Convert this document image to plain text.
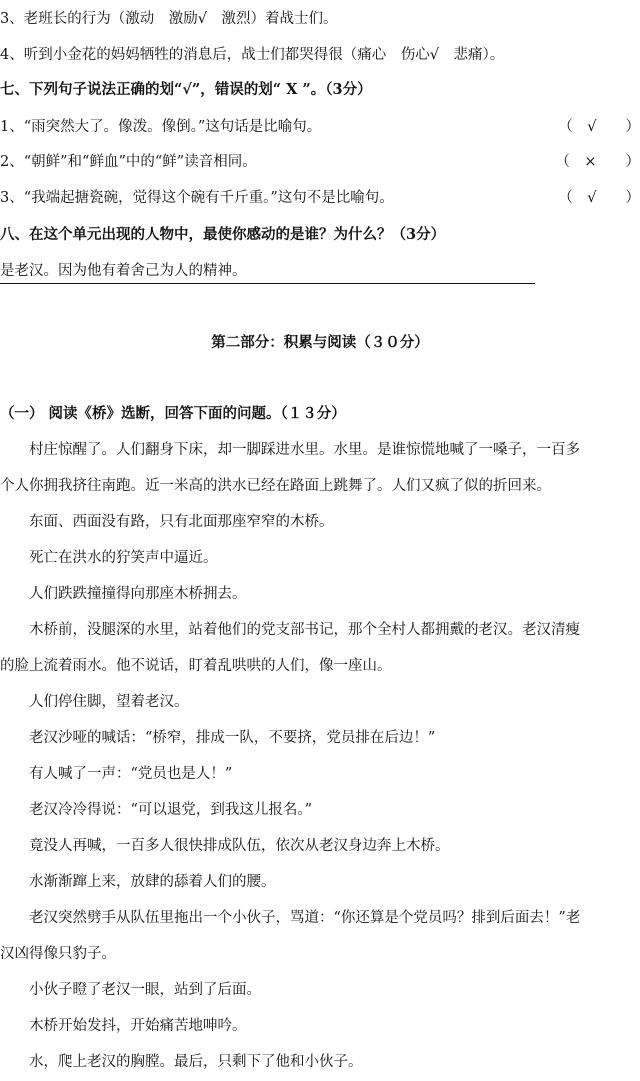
3、老班长的行为（激动　激励√　激烈）着战士们。
4、听到小金花的妈妈牺牲的消息后，战士们都哭得很（痛心　伤心√　悲痛）。
七、下列句子说法正确的划“√”，错误的划“ X ”。（3分）
1、“雨突然大了。像泼。像倒。”这句话是比喻句。	（　√　　）
2、“朝鲜”和“鲜血”中的“鲜”读音相同。	（　×　　）
3、“我端起搪瓷碗，觉得这个碗有千斤重。”这句不是比喻句。	（　√　　）
八、在这个单元出现的人物中，最使你感动的是谁？为什么？（3分）
是老汉。因为他有着舍己为人的精神。
第二部分：积累与阅读（３０分）
（一） 阅读《桥》选断，回答下面的问题。（１３分）
　　村庄惊醒了。人们翻身下床，却一脚踩进水里。水里。是谁惊慌地喊了一嗓子，一百多
个人你拥我挤往南跑。近一米高的洪水已经在路面上跳舞了。人们又疯了似的折回来。
　　东面、西面没有路，只有北面那座窄窄的木桥。
　　死亡在洪水的狞笑声中逼近。
　　人们跌跌撞撞得向那座木桥拥去。
　　木桥前，没腿深的水里，站着他们的党支部书记，那个全村人都拥戴的老汉。老汉清瘦
的脸上流着雨水。他不说话，盯着乱哄哄的人们，像一座山。
　　人们停住脚，望着老汉。
　　老汉沙哑的喊话：“桥窄，排成一队，不要挤，党员排在后边！”
　　有人喊了一声：“党员也是人！”
　　老汉冷冷得说：“可以退党，到我这儿报名。”
　　竟没人再喊，一百多人很快排成队伍，依次从老汉身边奔上木桥。
　　水渐渐蹿上来，放肆的舔着人们的腰。
　　老汉突然劈手从队伍里拖出一个小伙子，骂道：“你还算是个党员吗？排到后面去！”老
汉凶得像只豹子。
　　小伙子瞪了老汉一眼，站到了后面。
　　木桥开始发抖，开始痛苦地呻吟。
　　水，爬上老汉的胸膛。最后，只剩下了他和小伙子。
